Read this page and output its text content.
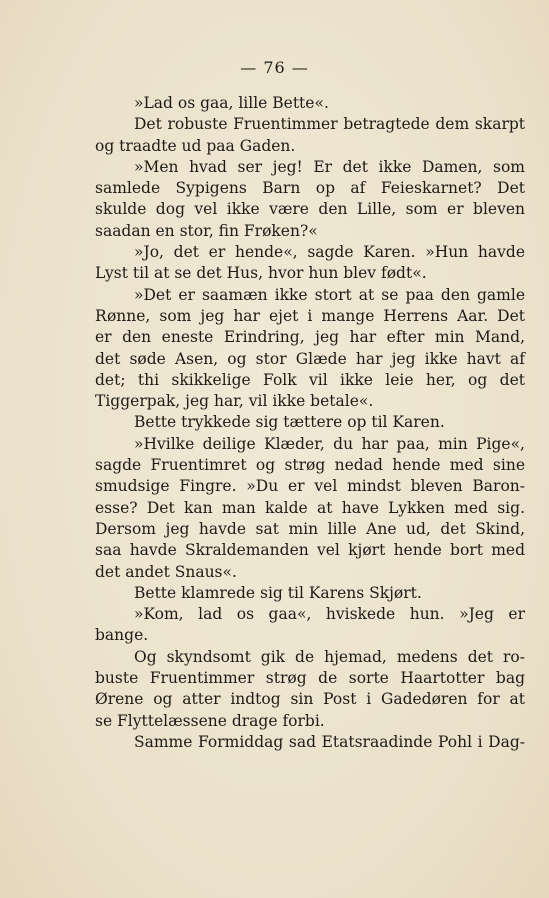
— 76 —
»Lad os gaa, lille Bette«.
Det robuste Fruentimmer betragtede dem skarpt
og traadte ud paa Gaden.
»Men hvad ser jeg! Er det ikke Damen, som
samlede Sypigens Barn op af Feieskarnet? Det
skulde dog vel ikke være den Lille, som er bleven
saadan en stor, fin Frøken?«
»Jo, det er hende«, sagde Karen. »Hun havde
Lyst til at se det Hus, hvor hun blev født«.
»Det er saamæn ikke stort at se paa den gamle
Rønne, som jeg har ejet i mange Herrens Aar. Det
er den eneste Erindring, jeg har efter min Mand,
det søde Asen, og stor Glæde har jeg ikke havt af
det; thi skikkelige Folk vil ikke leie her, og det
Tiggerpak, jeg har, vil ikke betale«.
Bette trykkede sig tættere op til Karen.
»Hvilke deilige Klæder, du har paa, min Pige«,
sagde Fruentimret og strøg nedad hende med sine
smudsige Fingre. »Du er vel mindst bleven Baron-
esse? Det kan man kalde at have Lykken med sig.
Dersom jeg havde sat min lille Ane ud, det Skind,
saa havde Skraldemanden vel kjørt hende bort med
det andet Snaus«.
Bette klamrede sig til Karens Skjørt.
»Kom, lad os gaa«, hviskede hun. »Jeg er
bange.
Og skyndsomt gik de hjemad, medens det ro-
buste Fruentimmer strøg de sorte Haartotter bag
Ørene og atter indtog sin Post i Gadedøren for at
se Flyttelæssene drage forbi.
Samme Formiddag sad Etatsraadinde Pohl i Dag-
